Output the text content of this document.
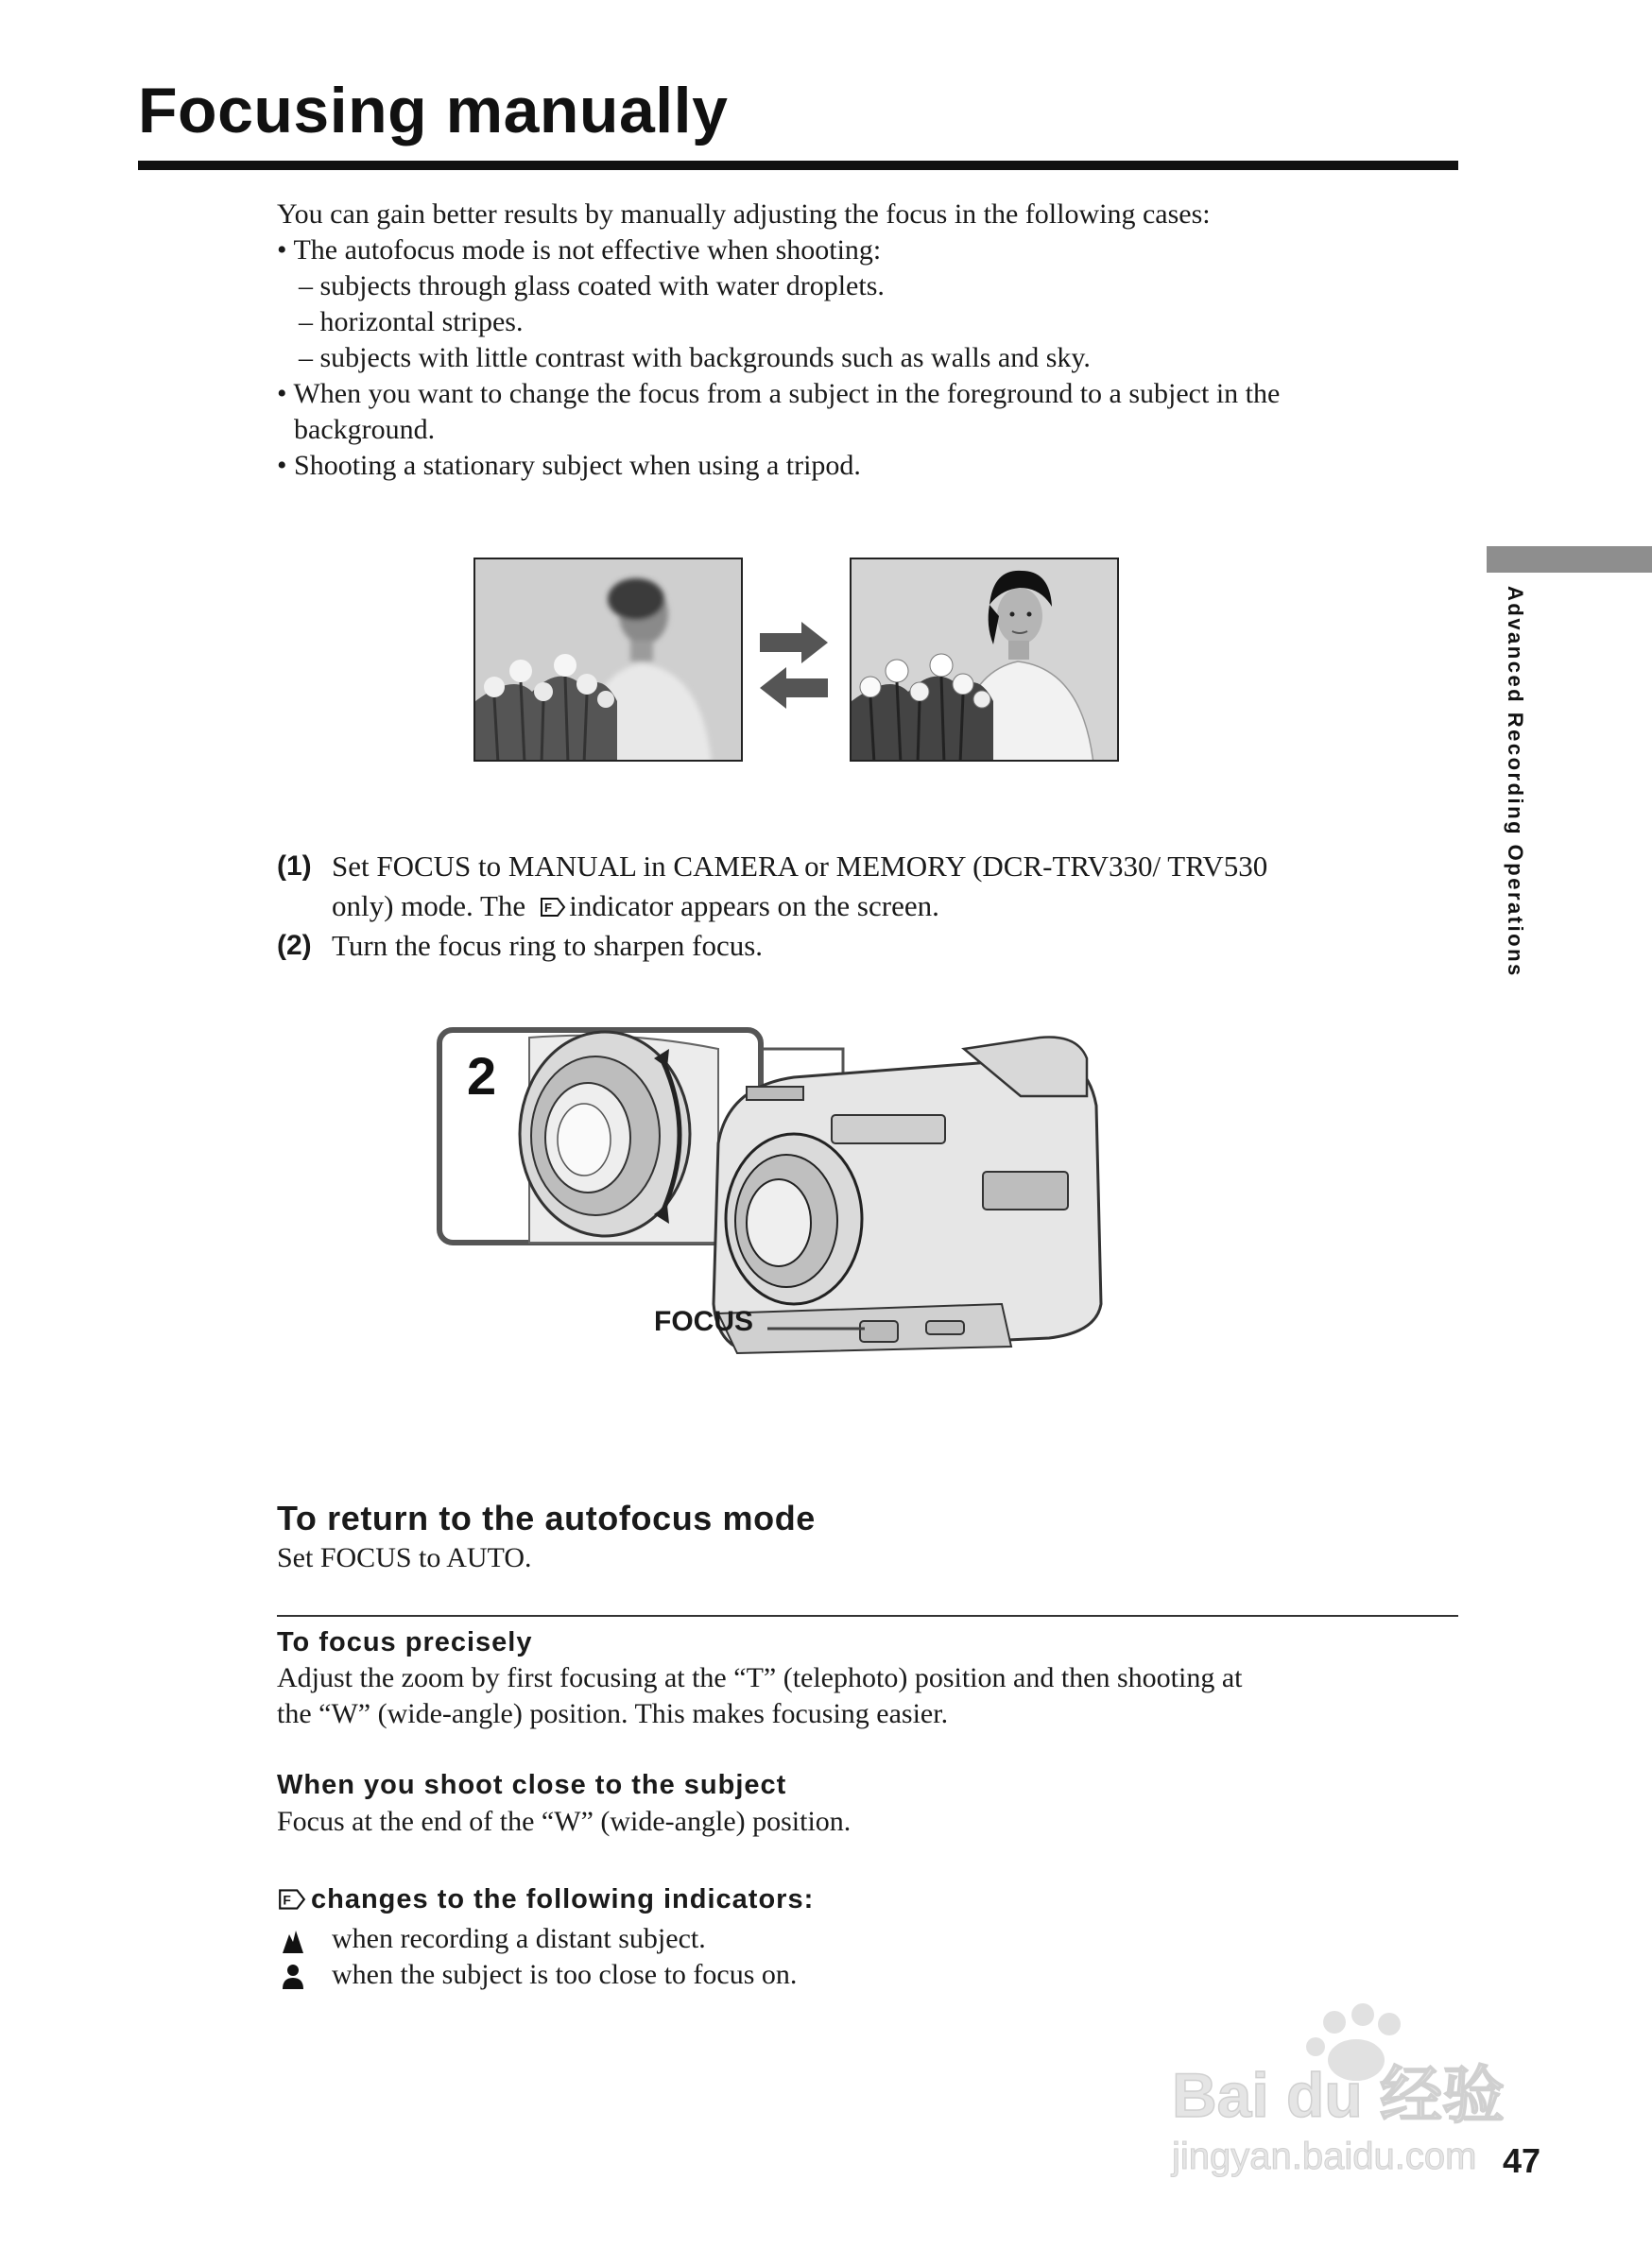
Focusing manually

You can gain better results by manually adjusting the focus in the following cases:

• The autofocus mode is not effective when shooting:

– subjects through glass coated with water droplets.

– horizontal stripes.

– subjects with little contrast with backgrounds such as walls and sky.

• When you want to change the focus from a subject in the foreground to a subject in the

background.

• Shooting a stationary subject when using a tripod.

(1) Set FOCUS to MANUAL in CAMERA or MEMORY (DCR-TRV330/ TRV530
only) mode. The F indicator appears on the screen.
(2) Turn the focus ring to sharpen focus.
2
FOCUS
To return to the autofocus mode

Set FOCUS to AUTO.

To focus precisely

Adjust the zoom by first focusing at the “T” (telephoto) position and then shooting at

the “W” (wide-angle) position. This makes focusing easier.

When you shoot close to the subject

Focus at the end of the “W” (wide-angle) position.

F changes to the following indicators:
when recording a distant subject.
when the subject is too close to focus on.
Advanced Recording Operations
Bai du 经验
jingyan.baidu.com 47
